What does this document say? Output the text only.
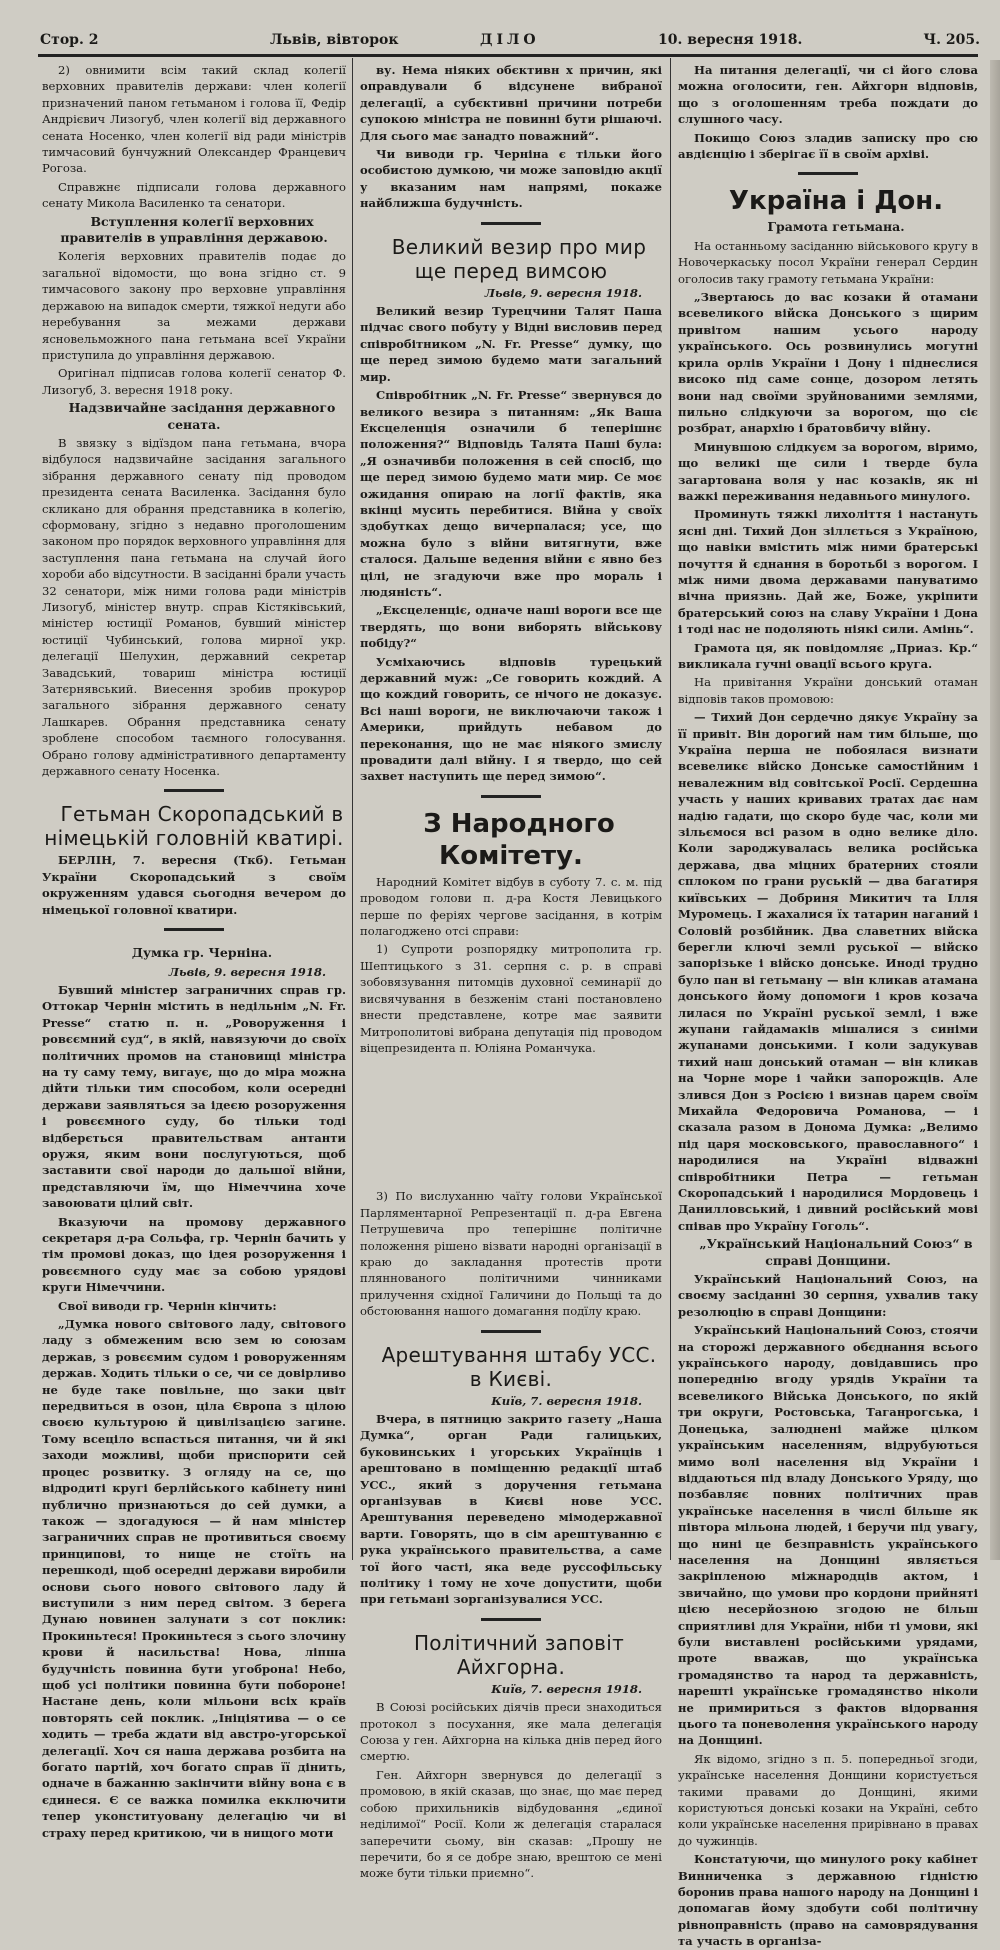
Стор. 2	Львів, вівторок	ДІЛО	10. вересня 1918.	Ч. 205.

2) oвнимити всім такий склад колегії верховних правителів держави: член колегії призначений паном гетьманом і голова її, Федір Андрієвич Лизогуб, член колегії від державного сената Носенко, член колегії від ради міністрів тимчасовий бунчужний Олександер Францевич Рогоза.

Справжнє підписали голова державного сенату Микола Василенко та сенатори.

Вступлення колегії верховних правителів в управління державою.

Колегія верховних правителів подає до загальної відомости, що вона згідно ст. 9 тимчасового закону про верховне управління державою на випадок смерти, тяжкої недуги або неребування за межами держави ясновельможного пана гетьмана всеї України приступила до управління державою.

Оригінал підписав голова колегії сенатор Ф. Лизогуб, 3. вересня 1918 року.

Надзвичайне засідання державного сената.

В звязку з відїздом пана гетьмана, вчора відбулося надзвичайне засідання загального зібрання державного сенату під проводом президента сената Василенка. Засідання було скликано для обрання представника в колегію, сформовану, згідно з недавно проголошеним законом про порядок верховного управління для заступлення пана гетьмана на случай його хороби або відсутности. В засіданні брали участь 32 сенатори, між ними голова ради міністрів Лизогуб, міністер внутр. справ Кістяківський, міністер юстиції Романов, бувший міністер юстиції Чубинський, голова мирної укр. делегації Шелухин, державний секретар Завадський, товариш міністра юстиції Затєрнявський. Виесення зробив прокурор загального зібрання державного сенату Лашкарев. Обрання представника сенату зроблене способом таємного голосування. Обрано голову адміністративного департаменту державного сенату Носенка.

Гетьман Скоропадський в німецькій головній кватирі.

БЕРЛІН, 7. вересня (Ткб). Гетьман України Скоропадський з своїм окруженням удався сьогодня вечером до німецької головної кватири.

Думка гр. Черніна.

Львів, 9. вересня 1918.

Бувший міністер заграничних справ гр. Оттокар Чернін містить в недільнім „N. Fr. Presse“ статю п. н. „Роворуження і ровєємний суд“, в якій, навязуючи до своїх політичних промов на становищі міністра на ту саму тему, вигаує, що до міра можна дійти тільки тим способом, коли осередні держави заявляться за ідеєю розоруження і ровєємного суду, бо тільки тоді відберється правительствам антанти оружя, яким вони послугуються, щоб заставити свої народи до дальшої війни, представляючи їм, що Німеччина хоче завоювати цілий світ.

Вказуючи на промову державного секретаря д-ра Сольфа, гр. Чернін бачить у тім промові доказ, що ідея розоруження і ровєємного суду має за собою урядові круги Німеччини.

Свої виводи гр. Чернін кінчить:

„Думка нового світового ладу, світового ладу з обмеженим всю зем ю союзам держав, з ровєємим судом і роворуженням держав. Ходить тільки о се, чи се довірливо не буде таке повільне, що заки цвіт передвиться в озон, ціла Європа з цілою своєю культурою й цивілізацією загине. Тому всеціло вспасться питання, чи й які заходи можливі, щоби приспорити сей процес розвитку. З огляду на се, що відродиті кругі берлійського кабінету нині публично признаються до сей думки, а також — здогадуюся — й нам міністер заграничних справ не противиться своєму принципові, то нище не стоїть на перешкоді, щоб осередні держави виробили основи сього нового світового ладу й виступили з ним перед світом. З берега Дунаю новинен залунати з сот поклик: Прокиньтеся! Прокиньтеся з сього злочину крови й насильства! Нова, ліпша будучність повинна бути угоброна! Небо, щоб усі політики повинна бути побороне! Настане день, коли мільони всіх країв повторять сей поклик. „Ініціятива — о се ходить — треба ждати від австро-угорської делегації. Хоч ся наша держава розбита на богато партій, хоч богато справ її дінить, одначе в бажанню закінчити війну вона є в єдинеся. Є се важка помилка екключити тепер уконституовану делегацію чи ві страху перед критикою, чи в нищого моти

ву. Нема ніяких обєктивн х причин, які оправдували б відсунене вибраної делегації, а субєктивні причини потреби супокою міністра не повинні бути рішаючі. Для сього має занадто поважний“.

Чи виводи гр. Черніна є тільки його особистою думкою, чи може заповідю акції у вказаним нам напрямі, покаже найближша будучність.

Великий везир про мир ще перед вимсою

Львів, 9. вересня 1918.

Великий везир Турецчини Талят Паша підчас свого побуту у Відні висловив перед співробітником „N. Fr. Presse“ думку, що ще перед зимою будемо мати загальний мир.

Співробітник „N. Fr. Presse“ звернувся до великого везира з питанням: „Як Ваша Ексцеленція означили б теперішнє положення?“ Відповідь Талята Паші була: „Я означивби положення в сей спосіб, що ще перед зимою будемо мати мир. Се моє ожидання опираю на логії фактів, яка вкінці мусить перебитися. Війна у своїх здобутках дещо вичерпалася; усе, що можна було з війни витягнути, вже сталося. Дальше ведення війни є явно без цілі, не згадуючи вже про мораль і людяність“.

„Ексцеленціє, одначе наші вороги все ще твердять, що вони виборять військову побіду?“

Усміхаючись відповів турецький державний муж: „Се говорить кождий. А що кождий говорить, се нічого не доказує. Всі наші вороги, не виключаючи також і Америки, прийдуть небавом до переконання, що не має ніякого змислу провадити далі війну. І я твердо, що сей захвет наступить ще перед зимою“.

З Народного Комітету.

Народний Комітет відбув в суботу 7. с. м. під проводом голови п. д-ра Костя Левицького перше по феріях чергове засідання, в котрім полагоджено отсі справи:

1) Супроти розпорядку митрополита гр. Шептицького з 31. серпня с. р. в справі зобовязування питомців духовної семинарії до висвячування в безженім стані постановлено внести представлене, котре має заявити Митрополитові вибрана депутація під проводом віцепрезидента п. Юліяна Романчука.

3) По вислуханню чаїту голови Української Парляментарної Репрезентації п. д-ра Евгена Петрушевича про теперішнє політичне положення рішено візвати народні організації в краю до закладання протестів проти пляннованого політичними чинниками прилучення східної Галичини до Польщі та до обстоювання нашого домагання подїлу краю.

Арештування штабу УСС. в Києві.

Київ, 7. вересня 1918.

Вчера, в пятницю закрито газету „Наша Думка“, орган Ради галицьких, буковинських і угорських Українців і арештовано в поміщенню редакції штаб УСС., який з доручення гетьмана організував в Києві нове УСС. Арештування переведено мімодержавної варти. Говорять, що в сім арештуванню є рука українського правительства, а саме тої його часті, яка веде руссофільську політику і тому не хоче допустити, щоби при гетьмані зорганізувалися УСС.

Політичний заповіт Айхгорна.

Київ, 7. вересня 1918.

В Союзі російських діячів преси знаходиться протокол з посухання, яке мала делегація Союза у ген. Айхгорна на кілька днів перед його смертю.

Ген. Айхгорн звернувся до делегації з промовою, в якій сказав, що знає, що має перед собою прихильників відбудовання „єдиної неділимої“ Росії. Коли ж делегація старалася заперечити сьому, він сказав: „Прошу не перечити, бо я се добре знаю, врештою се мені може бути тільки приємно“.

На питання делегації, чи сі його слова можна оголосити, ген. Айхгорн відповів, що з оголошенням треба пождати до слушного часу.

Покищо Союз зладив записку про сю авдієнцію і зберігає її в своїм архіві.

Україна і Дон.

Грамота гетьмана.

На останньому засіданню військового кругу в Новочеркаську посол України генерал Сердин оголосив таку грамоту гетьмана України:

„Звертаюсь до вас козаки й отамани всевеликого війска Донського з щирим привітом нашим усього народу українського. Ось розвинулись могутні крила орлів України і Дону і піднеслися високо під саме сонце, дозором летять вони над своїми зруйнованими землями, пильно слідкуючи за ворогом, що сіє розбрат, анархію і братовбичу війну.

Минувшою слідкуєм за ворогом, віримо, що великі ще сили і тверде була загартована воля у нас козаків, як ні важкі переживання недавнього минулого.

Проминуть тяжкі лихоліття і настануть ясні дні. Тихий Дон зіллється з Україною, що навіки вмістить між ними братерські почуття й єднання в боротьбі з ворогом. І між ними двома державами пануватимо вічна приязнь. Дай же, Боже, укріпити братерський союз на славу України і Дона і тоді нас не подоляють ніякі сили. Амінь“.

Грамота ця, як повідомляє „Приаз. Кр.“ викликала гучні овації всього круга.

На привітання України донський отаман відповів таков промовою:

— Тихий Дон сердечно дякує Україну за її привіт. Він дорогий нам тим більше, що Україна перша не побоялася визнати всевеликє війско Донське самостійним і невалежним від совітської Росії. Сердешна участь у наших кривавих тратах дає нам надію гадати, що скоро буде час, коли ми зільємося всі разом в одно велике діло. Коли зароджувалась велика російська держава, два міцних братерних стояли сплоком по грани руській — два багатиря київських — Добриня Микитич та Ілля Муромець. І жахалися їх татарин наганий і Соловій розбійник. Два славетних війска берегли ключі землі руської — війско запорізьке і війско донське. Иноді трудно було пан ві гетьману — він кликав атамана донського йому допомоги і кров козача лилася по Україні руської землі, і вже жупани гайдамаків мішалися з синіми жупанами донськими. І коли задукував тихий наш донський отаман — він кликав на Чорне море і чайки запорожців. Але злився Дон з Росією і визнав царем своїм Михайла Федоровича Романова, — і сказала разом в Донома Думка: „Велимо під царя московського, православного“ і народилися на Україні відважні співробітники Петра — гетьман Скоропадський і народилися Мордовець і Данилловський, і дивний російський мові співав про Україну Гоголь“.

„Український Національний Союз“ в справі Донщини.

Український Національний Союз, на своєму засіданні 30 серпня, ухвалив таку резолюцію в справі Донщини:

Український Національний Союз, стоячи на сторожі державного обєднання всього українського народу, довідавшись про попереднію вгоду урядів України та всевеликого Війська Донського, по якій три округи, Ростовська, Таганрогська, і Донецька, залюднені майже цілком українським населенням, відрубуються мимо волі населення від України і віддаються під владу Донського Уряду, що позбавляє повних політичних прав українське населення в числі більше як півтора мільона людей, і беручи під увагу, що нині це безправність українського населення на Донщині являється закріпленою міжнародців актом, і звичайно, що умови про кордони прийняті цією несерйозною згодою не більш сприятливі для України, ніби ті умови, які були виставлені російськими урядами, проте вважав, що українська громадянство та народ та державність, нарешті українське громадянство ніколи не примириться з фактов відорвання цього та поневолення українського народу на Донщині.

Як відомо, згідно з п. 5. попередньої згоди, українське населення Донщини користується такими правами до Донщині, якими користуються донські козаки на Україні, себто коли українське населення прирівнано в правах до чужинців.

Констатуючи, що минулого року кабінет Винниченка з державною гідністю боронив права нашого народу на Донщині і допомагав йому здобути собі політичну рівноправність (право на самоврядування та участь в організа-
